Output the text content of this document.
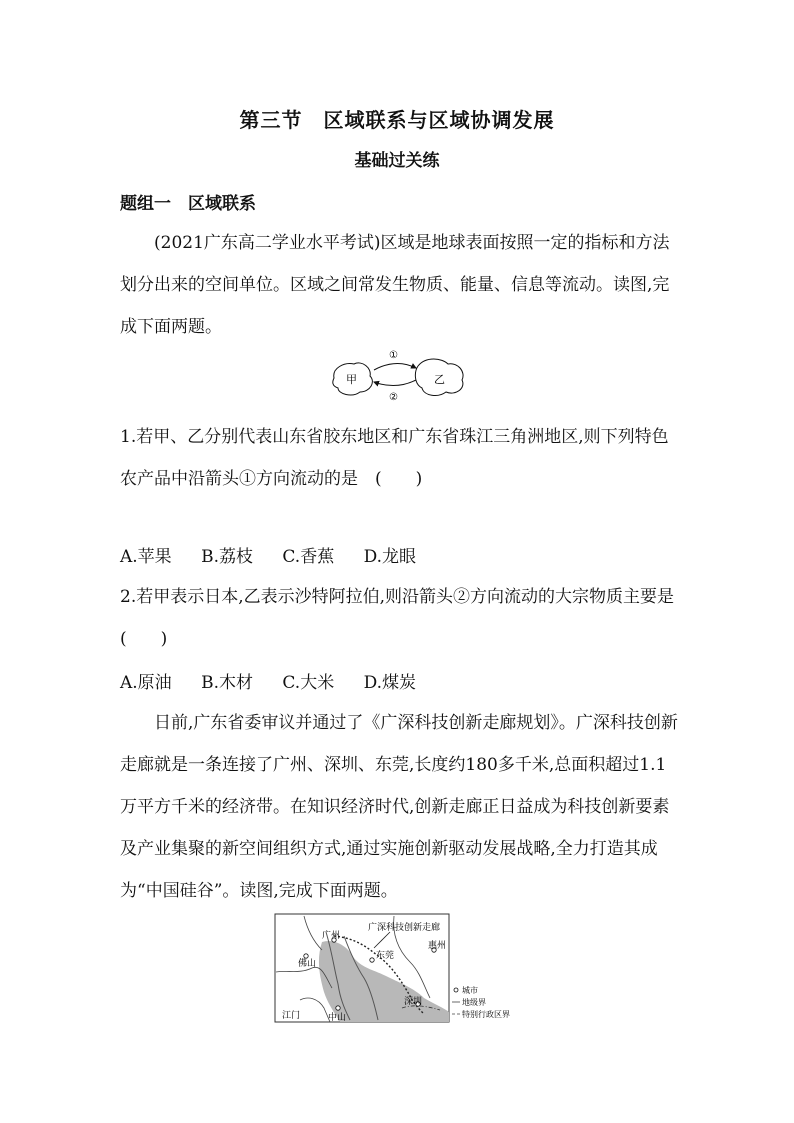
第三节　区域联系与区域协调发展
基础过关练
题组一　区域联系
(2021广东高二学业水平考试)区域是地球表面按照一定的指标和方法划分出来的空间单位。区域之间常发生物质、能量、信息等流动。读图,完成下面两题。
甲	乙
①
②
1.若甲、乙分别代表山东省胶东地区和广东省珠江三角洲地区,则下列特色农产品中沿箭头①方向流动的是　(　　)
A.苹果 B.荔枝 C.香蕉 D.龙眼
2.若甲表示日本,乙表示沙特阿拉伯,则沿箭头②方向流动的大宗物质主要是 (　　)
A.原油 B.木材 C.大米 D.煤炭
日前,广东省委审议并通过了《广深科技创新走廊规划》。广深科技创新走廊就是一条连接了广州、深圳、东莞,长度约180多千米,总面积超过1.1万平方千米的经济带。在知识经济时代,创新走廊正日益成为科技创新要素及产业集聚的新空间组织方式,通过实施创新驱动发展战略,全力打造其成为“中国硅谷”。读图,完成下面两题。
广深科技创新走廊
广州
佛山
东莞
惠州
江门	中山
深圳
城市
地级界
特别行政区界
